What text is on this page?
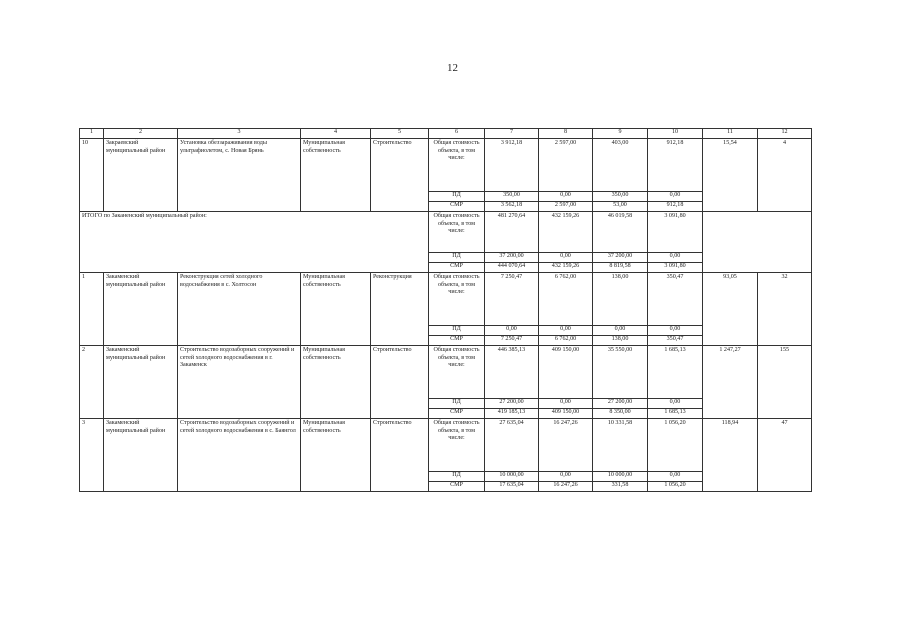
12
1	2	3	4	5	6	7	8	9	10	11	12
10	Закраевский муниципальный район	Установка обеззараживания воды ультрафиолетом, с. Новая Брянь	Муниципальная собственность	Строительство	Общая стоимость объекта, в том числе:	3 912,18	2 597,00	403,00	912,18	15,54	4
					ПД	350,00	0,00	350,00	0,00		
					СМР	3 562,18	2 597,00	53,00	912,18		
ИТОГО по Заканенский муниципальный район:					Общая стоимость объекта, в том числе:	481 270,64	432 159,26	46 019,58	3 091,80		
					ПД	37 200,00	0,00	37 200,00	0,00		
					СМР	444 070,64	432 159,26	8 819,58	3 091,80		
1	Закаменский муниципальный район	Реконструкция сетей холодного водоснабжения в с. Холтосон	Муниципальная собственность	Реконструкция	Общая стоимость объекта, в том числе:	7 250,47	6 762,00	138,00	350,47	93,05	32
					ПД	0,00	0,00	0,00	0,00		
					СМР	7 250,47	6 762,00	138,00	350,47		
2	Закаменский муниципальный район	Строительство водозаборных сооружений и сетей холодного водоснабжения в г. Закаменск	Муниципальная собственность	Строительство	Общая стоимость объекта, в том числе:	446 385,13	409 150,00	35 550,00	1 685,13	1 247,27	155
					ПД	27 200,00	0,00	27 200,00	0,00		
					СМР	419 185,13	409 150,00	8 350,00	1 685,13		
3	Закаменский муниципальный район	Строительство водозаборных сооружений и сетей холодного водоснабжения в с. Баянгол	Муниципальная собственность	Строительство	Общая стоимость объекта, в том числе:	27 635,04	16 247,26	10 331,58	1 056,20	118,94	47
					ПД	10 000,00	0,00	10 000,00	0,00		
					СМР	17 635,04	16 247,26	331,58	1 056,20		
